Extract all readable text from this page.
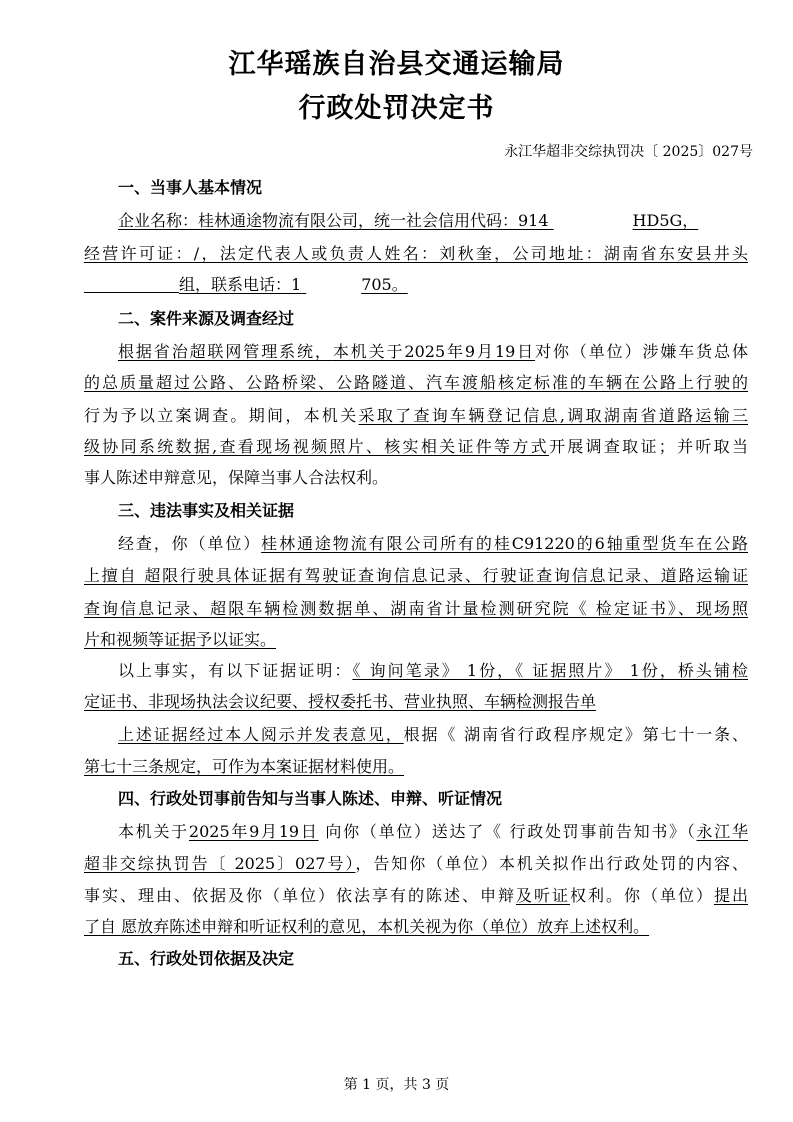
江华瑶族自治县交通运输局
行政处罚决定书
永江华超非交综执罚决〔 2025〕027号
一、当事人基本情况
企业名称：桂林通途物流有限公司，统一社会信用代码：914	HD5G，
经营许可证：/，法定代表人或负责人姓名：刘秋奎，公司地址：湖南省东安县井头
组，联系电话：1	705。
二、案件来源及调查经过
根据省治超联网管理系统，本机关于2025年9月19日对你（单位）涉嫌车货总体
的总质量超过公路、公路桥梁、公路隧道、汽车渡船核定标准的车辆在公路上行驶的
行为予以立案调查。期间，本机关采取了查询车辆登记信息,调取湖南省道路运输三
级协同系统数据,查看现场视频照片、核实相关证件等方式开展调查取证；并听取当
事人陈述申辩意见，保障当事人合法权利。
三、违法事实及相关证据
经查，你（单位）桂林通途物流有限公司所有的桂C91220的6轴重型货车在公路
上擅自 超限行驶具体证据有驾驶证查询信息记录、行驶证查询信息记录、道路运输证
查询信息记录、超限车辆检测数据单、湖南省计量检测研究院《 检定证书》、现场照
片和视频等证据予以证实。
以上事实，有以下证据证明：《 询问笔录》 1份，《 证据照片》 1份，桥头铺检
定证书、非现场执法会议纪要、授权委托书、营业执照、车辆检测报告单
上述证据经过本人阅示并发表意见，根据《 湖南省行政程序规定》第七十一条、
第七十三条规定，可作为本案证据材料使用。
四、行政处罚事前告知与当事人陈述、申辩、听证情况
本机关于2025年9月19日 向你（单位）送达了《 行政处罚事前告知书》（永江华
超非交综执罚告〔 2025〕027号），告知你（单位）本机关拟作出行政处罚的内容、
事实、理由、依据及你（单位）依法享有的陈述、申辩及听证权利。你（单位）提出
了自 愿放弃陈述申辩和听证权利的意见，本机关视为你（单位）放弃上述权利。
五、行政处罚依据及决定
第 1 页，共 3 页
